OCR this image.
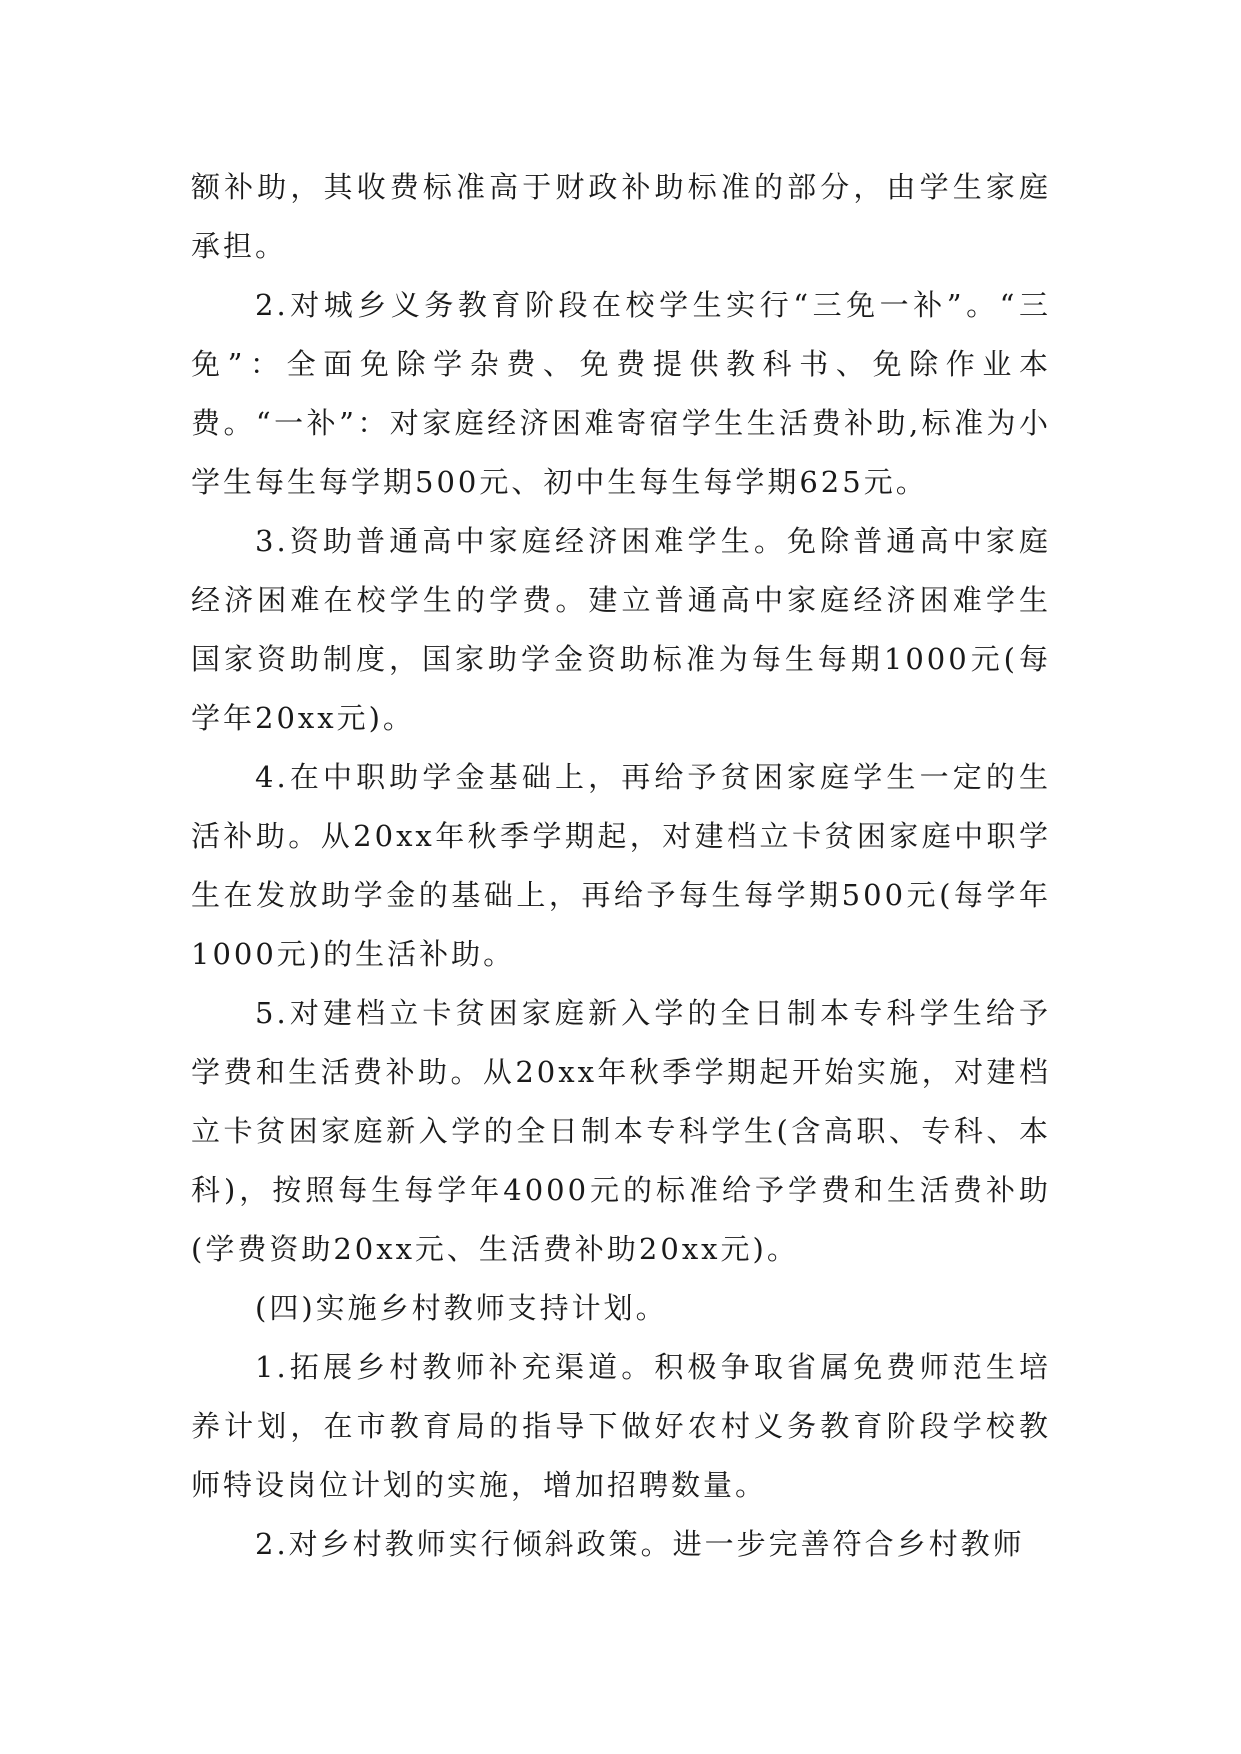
额补助，其收费标准高于财政补助标准的部分，由学生家庭承担。

2.对城乡义务教育阶段在校学生实行“三免一补”。“三免”：全面免除学杂费、免费提供教科书、免除作业本费。“一补”：对家庭经济困难寄宿学生生活费补助,标准为小学生每生每学期500元、初中生每生每学期625元。

3.资助普通高中家庭经济困难学生。免除普通高中家庭经济困难在校学生的学费。建立普通高中家庭经济困难学生国家资助制度，国家助学金资助标准为每生每期1000元(每学年20xx元)。

4.在中职助学金基础上，再给予贫困家庭学生一定的生活补助。从20xx年秋季学期起，对建档立卡贫困家庭中职学生在发放助学金的基础上，再给予每生每学期500元(每学年1000元)的生活补助。

5.对建档立卡贫困家庭新入学的全日制本专科学生给予学费和生活费补助。从20xx年秋季学期起开始实施，对建档立卡贫困家庭新入学的全日制本专科学生(含高职、专科、本科)，按照每生每学年4000元的标准给予学费和生活费补助(学费资助20xx元、生活费补助20xx元)。

(四)实施乡村教师支持计划。

1.拓展乡村教师补充渠道。积极争取省属免费师范生培养计划，在市教育局的指导下做好农村义务教育阶段学校教师特设岗位计划的实施，增加招聘数量。

2.对乡村教师实行倾斜政策。进一步完善符合乡村教师
